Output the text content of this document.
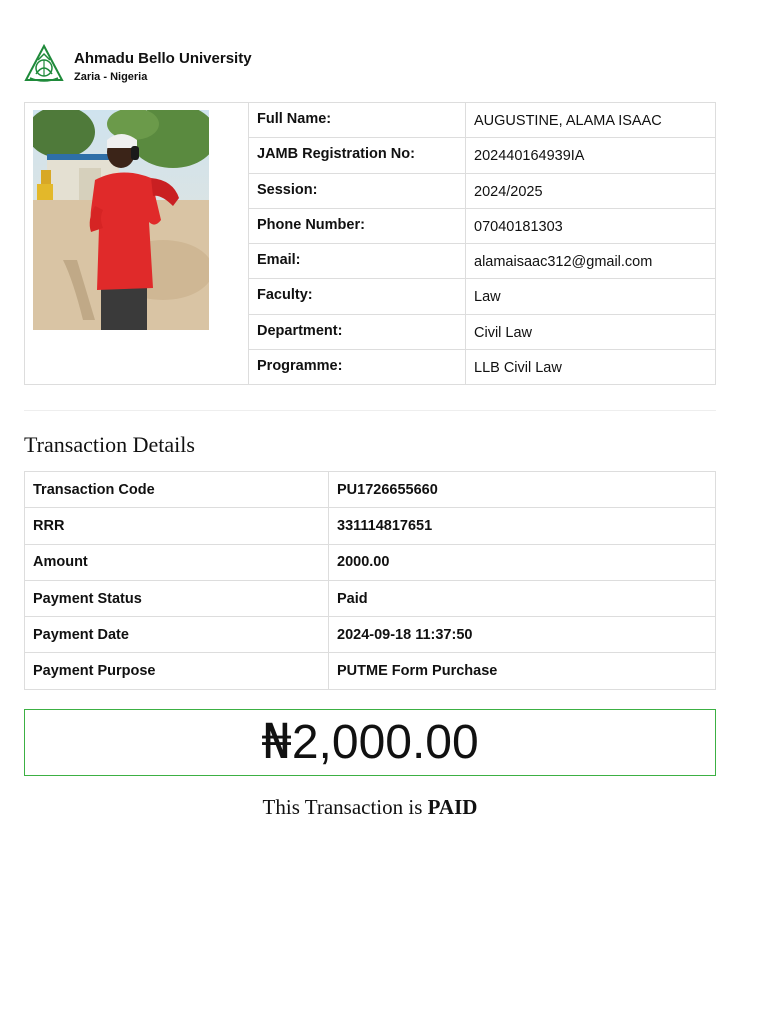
Ahmadu Bello University
Zaria - Nigeria
	Full Name:	AUGUSTINE, ALAMA ISAAC
	JAMB Registration No:	202440164939IA
	Session:	2024/2025
	Phone Number:	07040181303
	Email:	alamaisaac312@gmail.com
	Faculty:	Law
	Department:	Civil Law
	Programme:	LLB Civil Law
Transaction Details
Transaction Code	PU1726655660
RRR	331114817651
Amount	2000.00
Payment Status	Paid
Payment Date	2024-09-18 11:37:50
Payment Purpose	PUTME Form Purchase
₦2,000.00
This Transaction is PAID
